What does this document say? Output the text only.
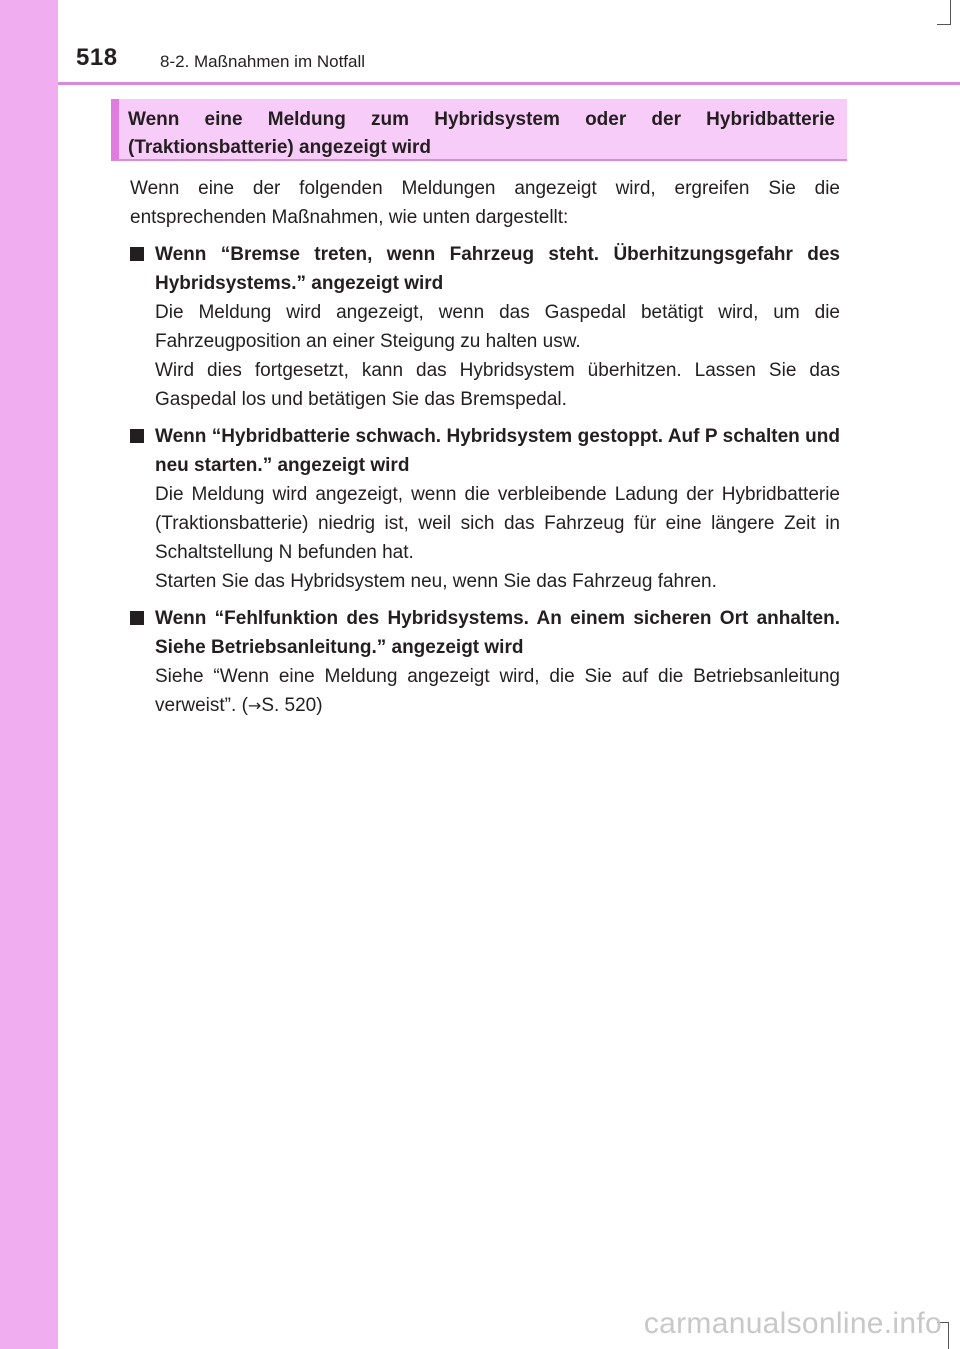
518 8-2. Maßnahmen im Notfall

Wenn eine Meldung zum Hybridsystem oder der Hybridbatterie (Traktionsbatterie) angezeigt wird

Wenn eine der folgenden Meldungen angezeigt wird, ergreifen Sie die entsprechenden Maßnahmen, wie unten dargestellt:

Wenn “Bremse treten, wenn Fahrzeug steht. Überhitzungsgefahr des Hybridsystems.” angezeigt wird

Die Meldung wird angezeigt, wenn das Gaspedal betätigt wird, um die Fahrzeugposition an einer Steigung zu halten usw.

Wird dies fortgesetzt, kann das Hybridsystem überhitzen. Lassen Sie das Gaspedal los und betätigen Sie das Bremspedal.

Wenn “Hybridbatterie schwach. Hybridsystem gestoppt. Auf P schalten und neu starten.” angezeigt wird

Die Meldung wird angezeigt, wenn die verbleibende Ladung der Hybridbatterie (Traktionsbatterie) niedrig ist, weil sich das Fahrzeug für eine längere Zeit in Schaltstellung N befunden hat.

Starten Sie das Hybridsystem neu, wenn Sie das Fahrzeug fahren.

Wenn “Fehlfunktion des Hybridsystems. An einem sicheren Ort anhalten. Siehe Betriebsanleitung.” angezeigt wird

Siehe “Wenn eine Meldung angezeigt wird, die Sie auf die Betriebsanleitung verweist”. (→S. 520)

carmanualsonline.info
